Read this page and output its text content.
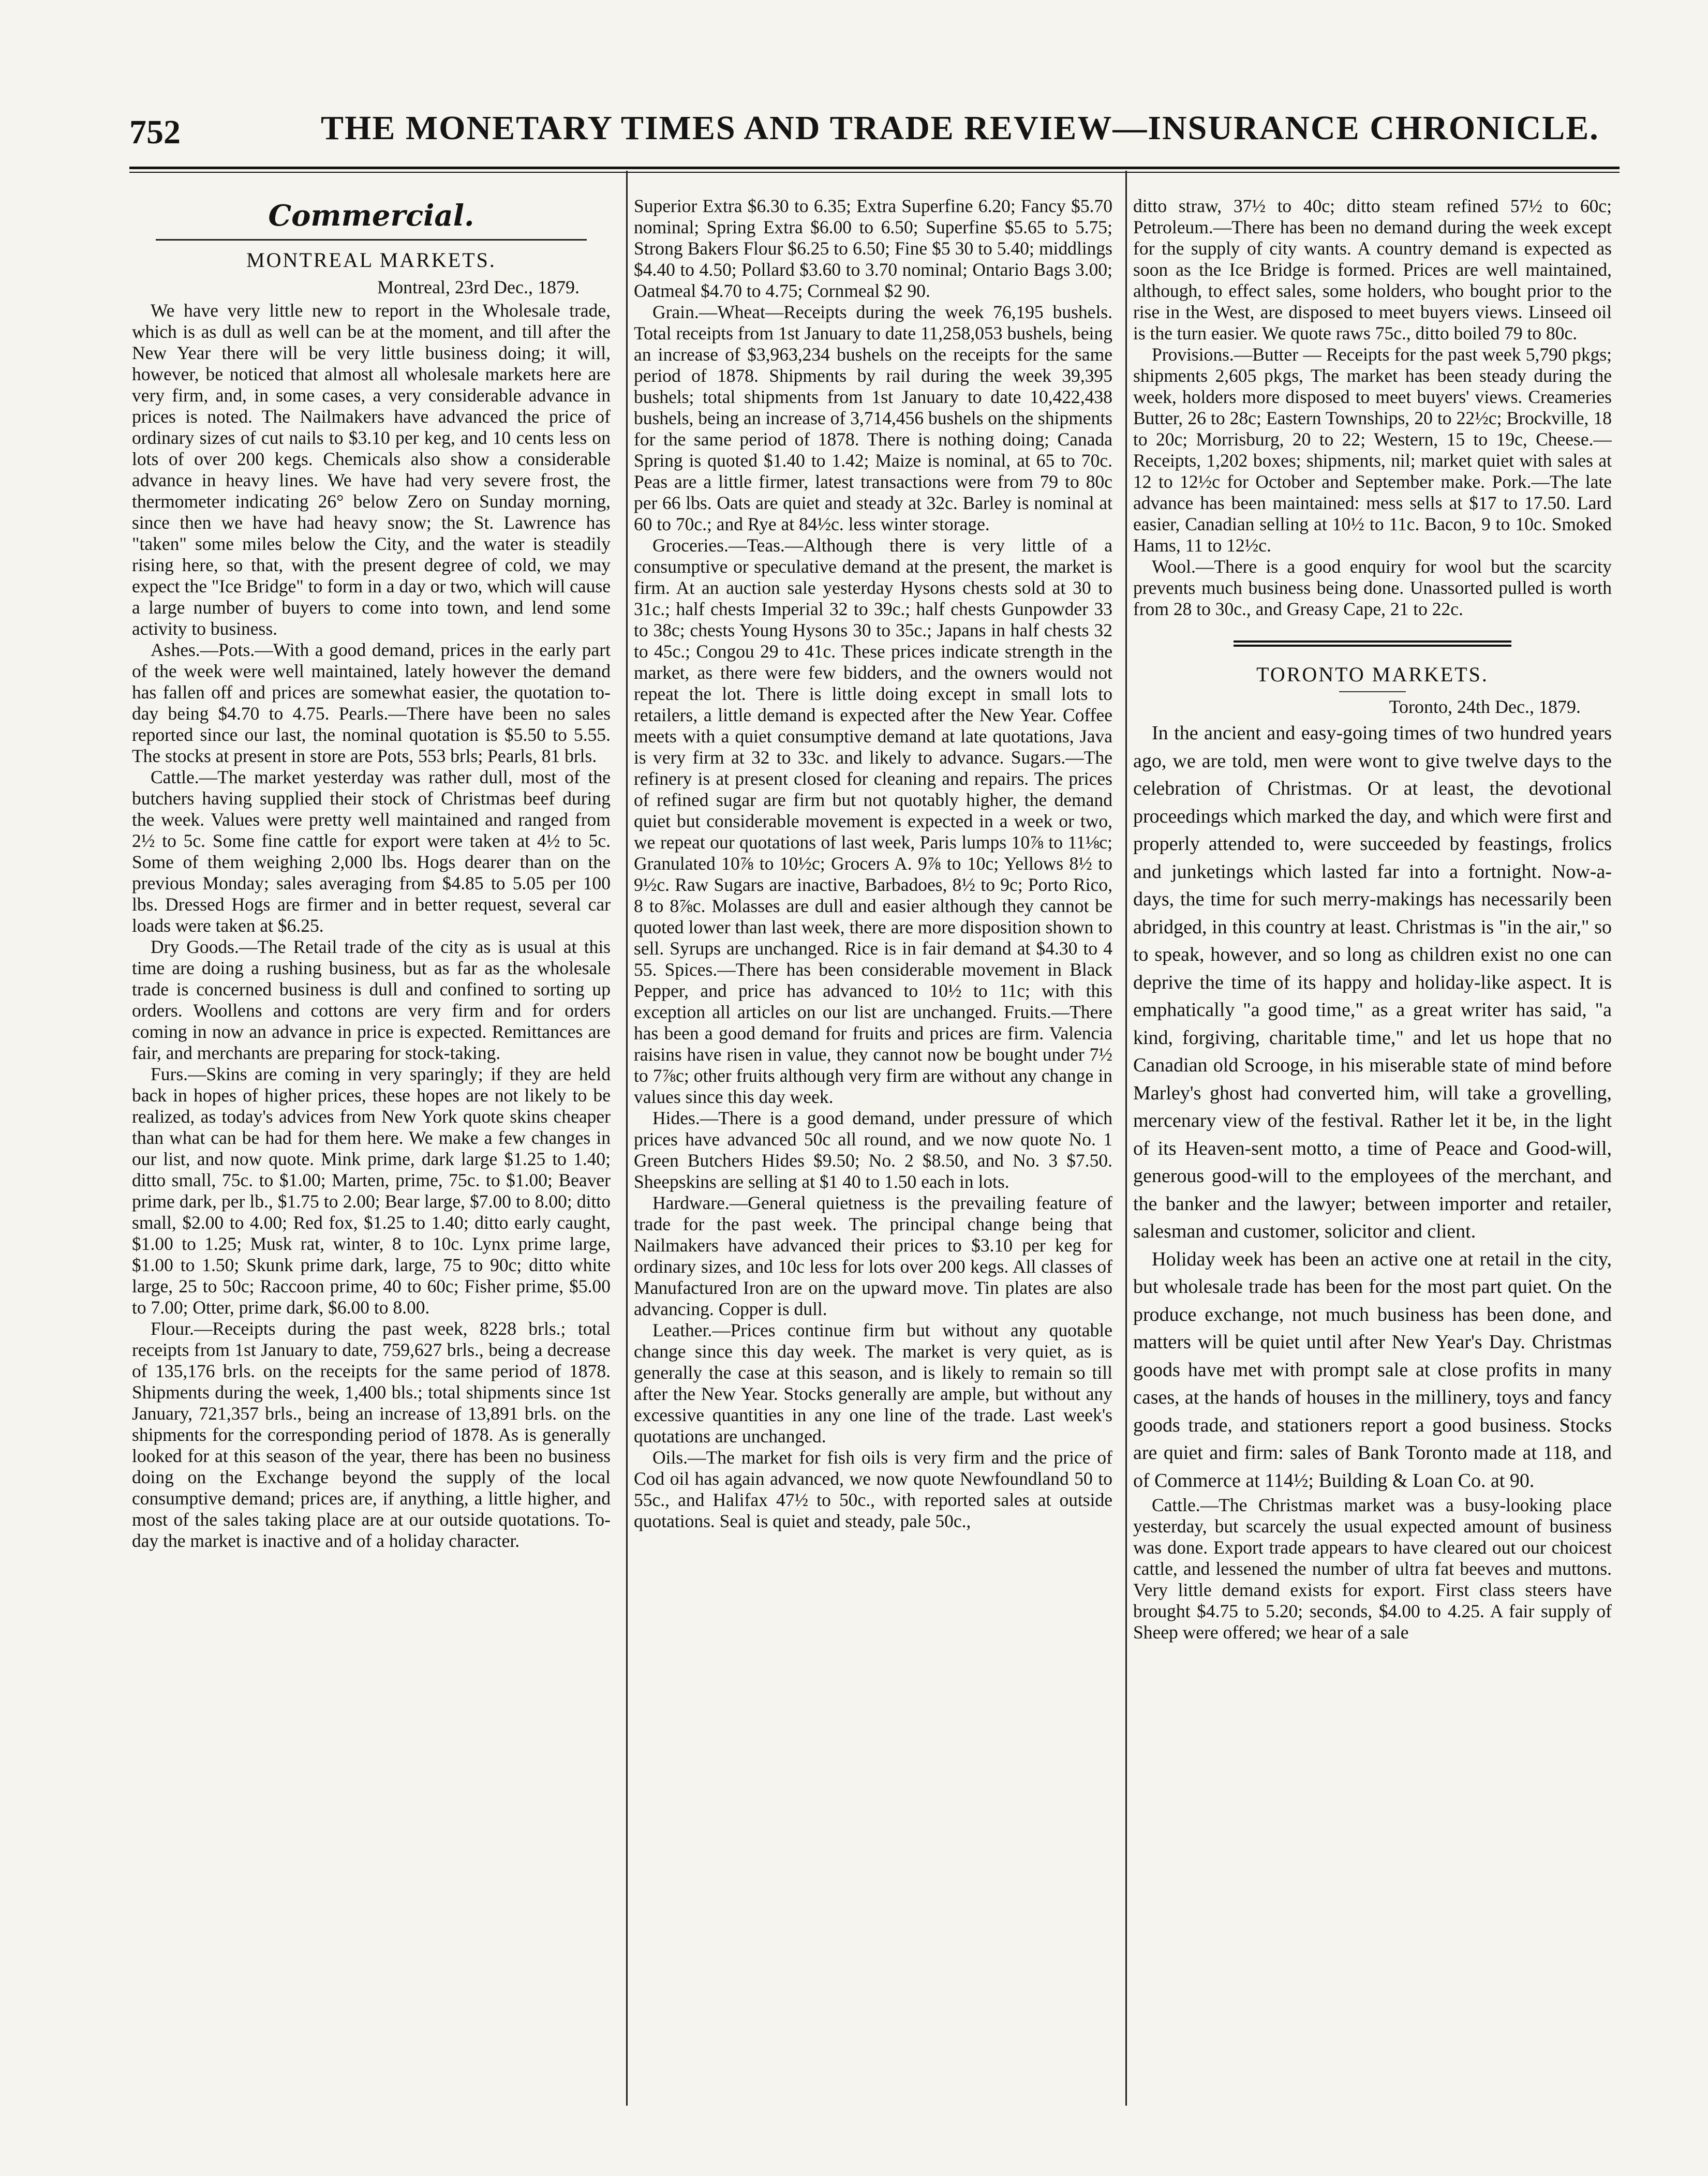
752	THE MONETARY TIMES AND TRADE REVIEW—INSURANCE CHRONICLE.
Commercial.
MONTREAL MARKETS.
Montreal, 23rd Dec., 1879.

We have very little new to report in the Wholesale trade, which is as dull as well can be at the moment, and till after the New Year there will be very little business doing; it will, however, be noticed that almost all wholesale markets here are very firm, and, in some cases, a very considerable advance in prices is noted. The Nailmakers have advanced the price of ordinary sizes of cut nails to $3.10 per keg, and 10 cents less on lots of over 200 kegs. Chemicals also show a considerable advance in heavy lines. We have had very severe frost, the thermometer indicating 26° below Zero on Sunday morning, since then we have had heavy snow; the St. Lawrence has "taken" some miles below the City, and the water is steadily rising here, so that, with the present degree of cold, we may expect the "Ice Bridge" to form in a day or two, which will cause a large number of buyers to come into town, and lend some activity to business.

Ashes.—Pots.—With a good demand, prices in the early part of the week were well maintained, lately however the demand has fallen off and prices are somewhat easier, the quotation to-day being $4.70 to 4.75. Pearls.—There have been no sales reported since our last, the nominal quotation is $5.50 to 5.55. The stocks at present in store are Pots, 553 brls; Pearls, 81 brls.

Cattle.—The market yesterday was rather dull, most of the butchers having supplied their stock of Christmas beef during the week. Values were pretty well maintained and ranged from 2½ to 5c. Some fine cattle for export were taken at 4½ to 5c. Some of them weighing 2,000 lbs. Hogs dearer than on the previous Monday; sales averaging from $4.85 to 5.05 per 100 lbs. Dressed Hogs are firmer and in better request, several car loads were taken at $6.25.

Dry Goods.—The Retail trade of the city as is usual at this time are doing a rushing business, but as far as the wholesale trade is concerned business is dull and confined to sorting up orders. Woollens and cottons are very firm and for orders coming in now an advance in price is expected. Remittances are fair, and merchants are preparing for stock-taking.

Furs.—Skins are coming in very sparingly; if they are held back in hopes of higher prices, these hopes are not likely to be realized, as today's advices from New York quote skins cheaper than what can be had for them here. We make a few changes in our list, and now quote. Mink prime, dark large $1.25 to 1.40; ditto small, 75c. to $1.00; Marten, prime, 75c. to $1.00; Beaver prime dark, per lb., $1.75 to 2.00; Bear large, $7.00 to 8.00; ditto small, $2.00 to 4.00; Red fox, $1.25 to 1.40; ditto early caught, $1.00 to 1.25; Musk rat, winter, 8 to 10c. Lynx prime large, $1.00 to 1.50; Skunk prime dark, large, 75 to 90c; ditto white large, 25 to 50c; Raccoon prime, 40 to 60c; Fisher prime, $5.00 to 7.00; Otter, prime dark, $6.00 to 8.00.

Flour.—Receipts during the past week, 8228 brls.; total receipts from 1st January to date, 759,627 brls., being a decrease of 135,176 brls. on the receipts for the same period of 1878. Shipments during the week, 1,400 bls.; total shipments since 1st January, 721,357 brls., being an increase of 13,891 brls. on the shipments for the corresponding period of 1878. As is generally looked for at this season of the year, there has been no business doing on the Exchange beyond the supply of the local consumptive demand; prices are, if anything, a little higher, and most of the sales taking place are at our outside quotations. To-day the market is inactive and of a holiday character.

Superior Extra $6.30 to 6.35; Extra Superfine 6.20; Fancy $5.70 nominal; Spring Extra $6.00 to 6.50; Superfine $5.65 to 5.75; Strong Bakers Flour $6.25 to 6.50; Fine $5 30 to 5.40; middlings $4.40 to 4.50; Pollard $3.60 to 3.70 nominal; Ontario Bags 3.00; Oatmeal $4.70 to 4.75; Cornmeal $2 90.

Grain.—Wheat—Receipts during the week 76,195 bushels. Total receipts from 1st January to date 11,258,053 bushels, being an increase of $3,963,234 bushels on the receipts for the same period of 1878. Shipments by rail during the week 39,395 bushels; total shipments from 1st January to date 10,422,438 bushels, being an increase of 3,714,456 bushels on the shipments for the same period of 1878. There is nothing doing; Canada Spring is quoted $1.40 to 1.42; Maize is nominal, at 65 to 70c. Peas are a little firmer, latest transactions were from 79 to 80c per 66 lbs. Oats are quiet and steady at 32c. Barley is nominal at 60 to 70c.; and Rye at 84½c. less winter storage.

Groceries.—Teas.—Although there is very little of a consumptive or speculative demand at the present, the market is firm. At an auction sale yesterday Hysons chests sold at 30 to 31c.; half chests Imperial 32 to 39c.; half chests Gunpowder 33 to 38c; chests Young Hysons 30 to 35c.; Japans in half chests 32 to 45c.; Congou 29 to 41c. These prices indicate strength in the market, as there were few bidders, and the owners would not repeat the lot. There is little doing except in small lots to retailers, a little demand is expected after the New Year. Coffee meets with a quiet consumptive demand at late quotations, Java is very firm at 32 to 33c. and likely to advance. Sugars.—The refinery is at present closed for cleaning and repairs. The prices of refined sugar are firm but not quotably higher, the demand quiet but considerable movement is expected in a week or two, we repeat our quotations of last week, Paris lumps 10⅞ to 11⅛c; Granulated 10⅞ to 10½c; Grocers A. 9⅞ to 10c; Yellows 8½ to 9½c. Raw Sugars are inactive, Barbadoes, 8½ to 9c; Porto Rico, 8 to 8⅞c. Molasses are dull and easier although they cannot be quoted lower than last week, there are more disposition shown to sell. Syrups are unchanged. Rice is in fair demand at $4.30 to 4 55. Spices.—There has been considerable movement in Black Pepper, and price has advanced to 10½ to 11c; with this exception all articles on our list are unchanged. Fruits.—There has been a good demand for fruits and prices are firm. Valencia raisins have risen in value, they cannot now be bought under 7½ to 7⅞c; other fruits although very firm are without any change in values since this day week.

Hides.—There is a good demand, under pressure of which prices have advanced 50c all round, and we now quote No. 1 Green Butchers Hides $9.50; No. 2 $8.50, and No. 3 $7.50. Sheepskins are selling at $1 40 to 1.50 each in lots.

Hardware.—General quietness is the prevailing feature of trade for the past week. The principal change being that Nailmakers have advanced their prices to $3.10 per keg for ordinary sizes, and 10c less for lots over 200 kegs. All classes of Manufactured Iron are on the upward move. Tin plates are also advancing. Copper is dull.

Leather.—Prices continue firm but without any quotable change since this day week. The market is very quiet, as is generally the case at this season, and is likely to remain so till after the New Year. Stocks generally are ample, but without any excessive quantities in any one line of the trade. Last week's quotations are unchanged.

Oils.—The market for fish oils is very firm and the price of Cod oil has again advanced, we now quote Newfoundland 50 to 55c., and Halifax 47½ to 50c., with reported sales at outside quotations. Seal is quiet and steady, pale 50c.,

ditto straw, 37½ to 40c; ditto steam refined 57½ to 60c; Petroleum.—There has been no demand during the week except for the supply of city wants. A country demand is expected as soon as the Ice Bridge is formed. Prices are well maintained, although, to effect sales, some holders, who bought prior to the rise in the West, are disposed to meet buyers views. Linseed oil is the turn easier. We quote raws 75c., ditto boiled 79 to 80c.

Provisions.—Butter — Receipts for the past week 5,790 pkgs; shipments 2,605 pkgs, The market has been steady during the week, holders more disposed to meet buyers' views. Creameries Butter, 26 to 28c; Eastern Townships, 20 to 22½c; Brockville, 18 to 20c; Morrisburg, 20 to 22; Western, 15 to 19c, Cheese.—Receipts, 1,202 boxes; shipments, nil; market quiet with sales at 12 to 12½c for October and September make. Pork.—The late advance has been maintained: mess sells at $17 to 17.50. Lard easier, Canadian selling at 10½ to 11c. Bacon, 9 to 10c. Smoked Hams, 11 to 12½c.

Wool.—There is a good enquiry for wool but the scarcity prevents much business being done. Unassorted pulled is worth from 28 to 30c., and Greasy Cape, 21 to 22c.

TORONTO MARKETS.
Toronto, 24th Dec., 1879.

In the ancient and easy-going times of two hundred years ago, we are told, men were wont to give twelve days to the celebration of Christmas. Or at least, the devotional proceedings which marked the day, and which were first and properly attended to, were succeeded by feastings, frolics and junketings which lasted far into a fortnight. Now-a-days, the time for such merry-makings has necessarily been abridged, in this country at least. Christmas is "in the air," so to speak, however, and so long as children exist no one can deprive the time of its happy and holiday-like aspect. It is emphatically "a good time," as a great writer has said, "a kind, forgiving, charitable time," and let us hope that no Canadian old Scrooge, in his miserable state of mind before Marley's ghost had converted him, will take a grovelling, mercenary view of the festival. Rather let it be, in the light of its Heaven-sent motto, a time of Peace and Good-will, generous good-will to the employees of the merchant, and the banker and the lawyer; between importer and retailer, salesman and customer, solicitor and client.

Holiday week has been an active one at retail in the city, but wholesale trade has been for the most part quiet. On the produce exchange, not much business has been done, and matters will be quiet until after New Year's Day. Christmas goods have met with prompt sale at close profits in many cases, at the hands of houses in the millinery, toys and fancy goods trade, and stationers report a good business. Stocks are quiet and firm: sales of Bank Toronto made at 118, and of Commerce at 114½; Building & Loan Co. at 90.

Cattle.—The Christmas market was a busy-looking place yesterday, but scarcely the usual expected amount of business was done. Export trade appears to have cleared out our choicest cattle, and lessened the number of ultra fat beeves and muttons. Very little demand exists for export. First class steers have brought $4.75 to 5.20; seconds, $4.00 to 4.25. A fair supply of Sheep were offered; we hear of a sale
